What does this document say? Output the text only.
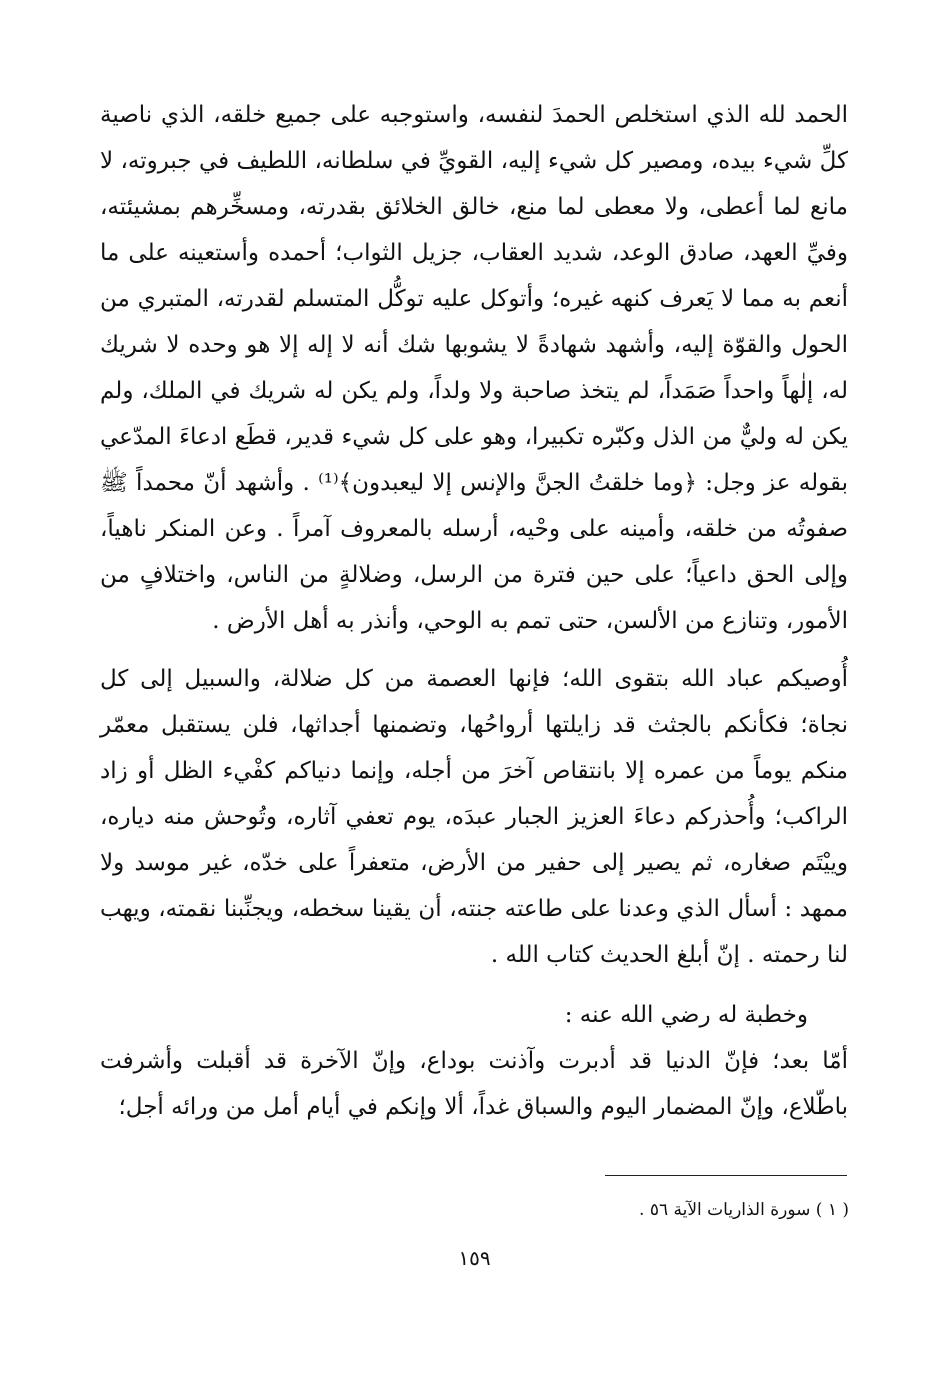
الحمد لله الذي استخلص الحمدَ لنفسه، واستوجبه على جميع خلقه، الذي ناصية كلِّ شيء بيده، ومصير كل شيء إليه، القويِّ في سلطانه، اللطيف في جبروته، لا مانع لما أعطى، ولا معطى لما منع، خالق الخلائق بقدرته، ومسخِّرهم بمشيئته، وفيِّ العهد، صادق الوعد، شديد العقاب، جزيل الثواب؛ أحمده وأستعينه على ما أنعم به مما لا يَعرف كنهه غيره؛ وأتوكل عليه توكُّل المتسلم لقدرته، المتبري من الحول والقوّة إليه، وأشهد شهادةً لا يشوبها شك أنه لا إله إلا هو وحده لا شريك له، إلٰهاً واحداً صَمَداً، لم يتخذ صاحبة ولا ولداً، ولم يكن له شريك في الملك، ولم يكن له وليٌّ من الذل وكبّره تكبيرا، وهو على كل شيء قدير، قطَع ادعاءَ المدّعي بقوله عز وجل: ﴿وما خلقتُ الجنَّ والإنس إلا ليعبدون﴾⁽¹⁾ . وأشهد أنّ محمداً ﷺ صفوتُه من خلقه، وأمينه على وحْيه، أرسله بالمعروف آمراً . وعن المنكر ناهياً، وإلى الحق داعياً؛ على حين فترة من الرسل، وضلالةٍ من الناس، واختلافٍ من الأمور، وتنازع من الألسن، حتى تمم به الوحي، وأنذر به أهل الأرض .

أُوصيكم عباد الله بتقوى الله؛ فإنها العصمة من كل ضلالة، والسبيل إلى كل نجاة؛ فكأنكم بالجثث قد زايلتها أرواحُها، وتضمنها أجداثها، فلن يستقبل معمّر منكم يوماً من عمره إلا بانتقاص آخرَ من أجله، وإنما دنياكم كفْيء الظل أو زاد الراكب؛ وأُحذركم دعاءَ العزيز الجبار عبدَه، يوم تعفي آثاره، وتُوحش منه دياره، وييْتَم صغاره، ثم يصير إلى حفير من الأرض، متعفراً على خدّه، غير موسد ولا ممهد : أسأل الذي وعدنا على طاعته جنته، أن يقينا سخطه، ويجنِّبنا نقمته، ويهب لنا رحمته . إنّ أبلغ الحديث كتاب الله .

وخطبة له رضي الله عنه :

أمّا بعد؛ فإنّ الدنيا قد أدبرت وآذنت بوداع، وإنّ الآخرة قد أقبلت وأشرفت باطّلاع، وإنّ المضمار اليوم والسباق غداً، ألا وإنكم في أيام أمل من ورائه أجل؛

( ١ ) سورة الذاريات الآية ٥٦ .
١٥٩
